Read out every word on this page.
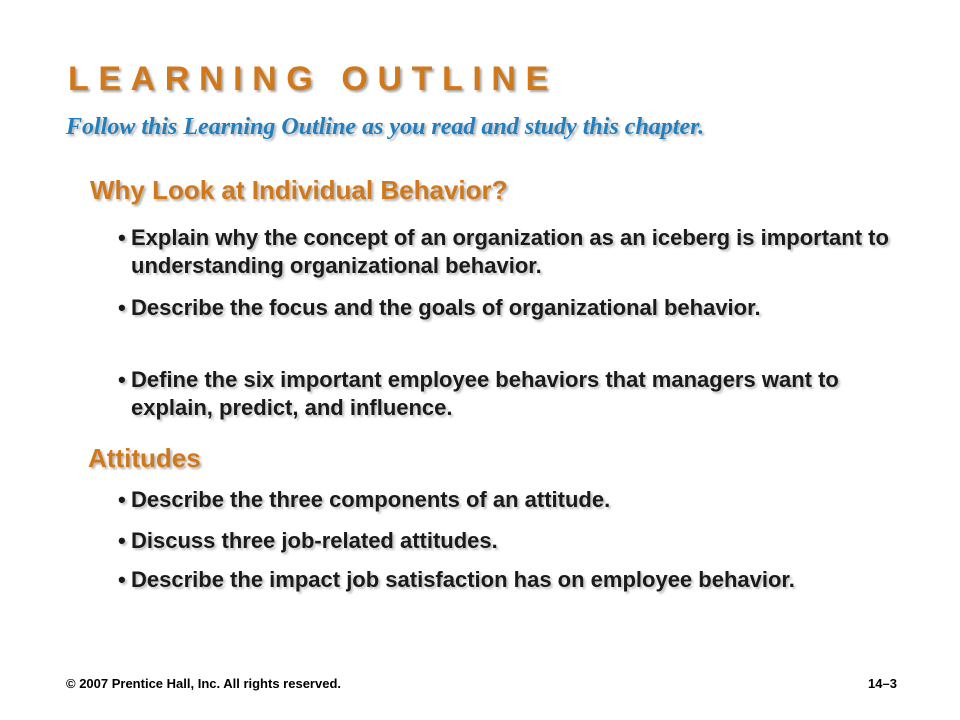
LEARNING OUTLINE
Follow this Learning Outline as you read and study this chapter.
Why Look at Individual Behavior?
• Explain why the concept of an organization as an iceberg is important to understanding organizational behavior.
• Describe the focus and the goals of organizational behavior.
• Define the six important employee behaviors that managers want to explain, predict, and influence.
Attitudes
• Describe the three components of an attitude.
• Discuss three job-related attitudes.
• Describe the impact job satisfaction has on employee behavior.
© 2007 Prentice Hall, Inc. All rights reserved.	14–3
